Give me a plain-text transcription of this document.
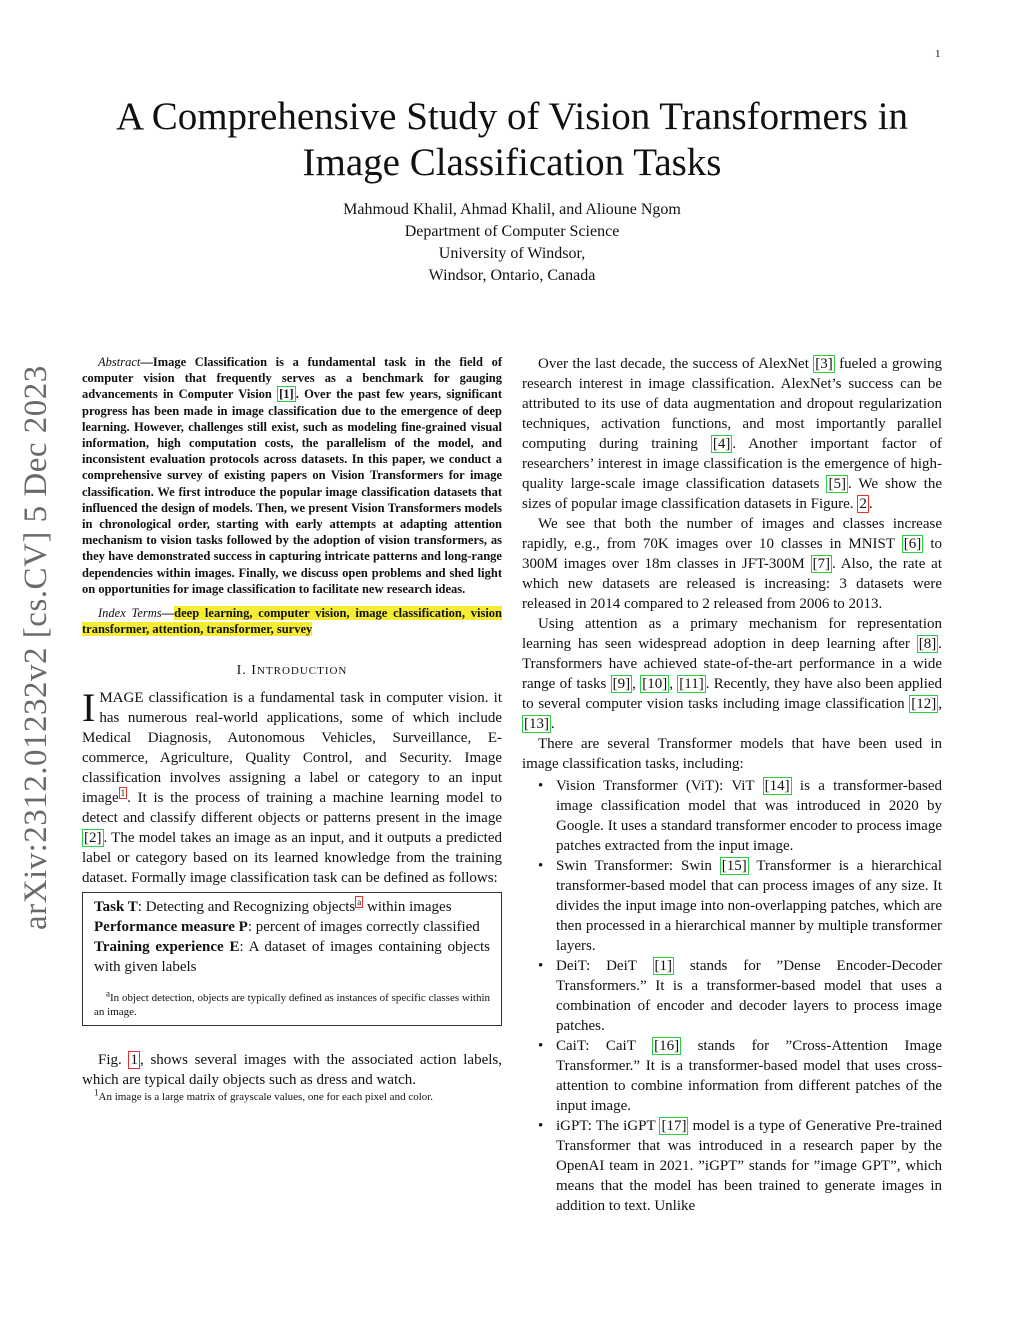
1
arXiv:2312.01232v2 [cs.CV] 5 Dec 2023
A Comprehensive Study of Vision Transformers in
Image Classification Tasks
Mahmoud Khalil, Ahmad Khalil, and Alioune Ngom
Department of Computer Science
University of Windsor,
Windsor, Ontario, Canada

Abstract—Image Classification is a fundamental task in the field of computer vision that frequently serves as a benchmark for gauging advancements in Computer Vision [1] . Over the past few years, significant progress has been made in image classification due to the emergence of deep learning. However, challenges still exist, such as modeling fine-grained visual information, high computation costs, the parallelism of the model, and inconsistent evaluation protocols across datasets. In this paper, we conduct a comprehensive survey of existing papers on Vision Transformers for image classification. We first introduce the popular image classification datasets that influenced the design of models. Then, we present Vision Transformers models in chronological order, starting with early attempts at adapting attention mechanism to vision tasks followed by the adoption of vision transformers, as they have demonstrated success in capturing intricate patterns and long-range dependencies within images. Finally, we discuss open problems and shed light on opportunities for image classification to facilitate new research ideas.

Index Terms—deep learning, computer vision, image classification, vision transformer, attention, transformer, survey

I. INTRODUCTION

IMAGE classification is a fundamental task in computer vision. it has numerous real-world applications, some of which include Medical Diagnosis, Autonomous Vehicles, Surveillance, E-commerce, Agriculture, Quality Control, and Security. Image classification involves assigning a label or category to an input image $^1$ . It is the process of training a machine learning model to detect and classify different objects or patterns present in the image [2] . The model takes an image as an input, and it outputs a predicted label or category based on its learned knowledge from the training dataset. Formally image classification task can be defined as follows:

Task T: Detecting and Recognizing objects $^a$ within images

Performance measure P: percent of images correctly classified

Training experience E: A dataset of images containing objects with given labels

$^a$In object detection, objects are typically defined as instances of specific classes within an image.

Fig. 1 , shows several images with the associated action labels, which are typical daily objects such as dress and watch.

$^1$An image is a large matrix of grayscale values, one for each pixel and color.

Over the last decade, the success of AlexNet [3] fueled a growing research interest in image classification. AlexNet’s success can be attributed to its use of data augmentation and dropout regularization techniques, activation functions, and most importantly parallel computing during training [4] . Another important factor of researchers’ interest in image classification is the emergence of high-quality large-scale image classification datasets [5] . We show the sizes of popular image classification datasets in Figure. 2 .

We see that both the number of images and classes increase rapidly, e.g., from 70K images over 10 classes in MNIST [6] to 300M images over 18m classes in JFT-300M [7] . Also, the rate at which new datasets are released is increasing: 3 datasets were released in 2014 compared to 2 released from 2006 to 2013.

Using attention as a primary mechanism for representation learning has seen widespread adoption in deep learning after [8] . Transformers have achieved state-of-the-art performance in a wide range of tasks [9] , [10] , [11] . Recently, they have also been applied to several computer vision tasks including image classification [12] , [13] .

There are several Transformer models that have been used in image classification tasks, including:

• Vision Transformer (ViT): ViT [14] is a transformer-based image classification model that was introduced in 2020 by Google. It uses a standard transformer encoder to process image patches extracted from the input image.
• Swin Transformer: Swin [15] Transformer is a hierarchical transformer-based model that can process images of any size. It divides the input image into non-overlapping patches, which are then processed in a hierarchical manner by multiple transformer layers.
• DeiT: DeiT [1] stands for ”Dense Encoder-Decoder Transformers.” It is a transformer-based model that uses a combination of encoder and decoder layers to process image patches.
• CaiT: CaiT [16] stands for ”Cross-Attention Image Transformer.” It is a transformer-based model that uses cross-attention to combine information from different patches of the input image.
• iGPT: The iGPT [17] model is a type of Generative Pre-trained Transformer that was introduced in a research paper by the OpenAI team in 2021. ”iGPT” stands for ”image GPT”, which means that the model has been trained to generate images in addition to text. Unlike
